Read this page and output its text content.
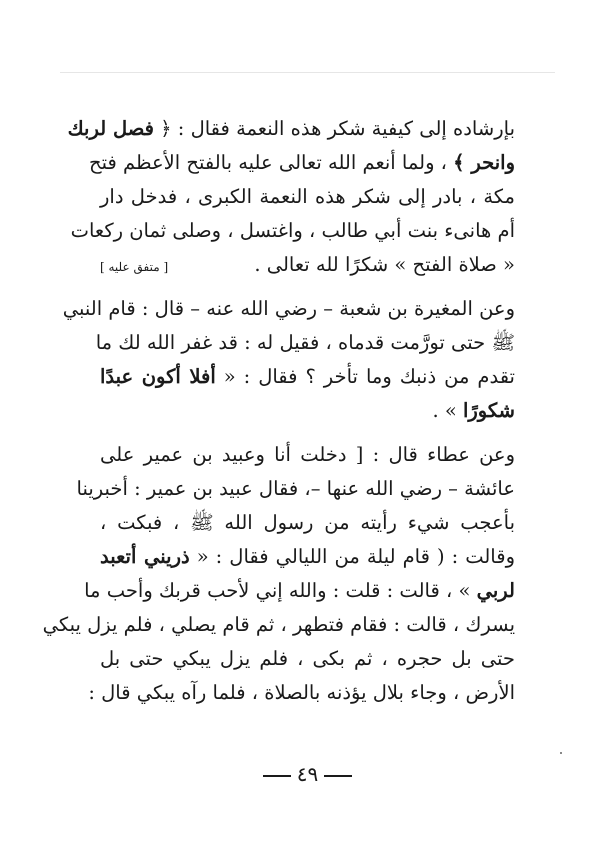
بإرشاده إلى كيفية شكر هذه النعمة فقال : ﴿ فصل لربك
وانحر ﴾ ، ولما أنعم الله تعالى عليه بالفتح الأعظم فتح
مكة ، بادر إلى شكر هذه النعمة الكبرى ، فدخل دار
أم هانىء بنت أبي طالب ، واغتسل ، وصلى ثمان ركعات
« صلاة الفتح » شكرًا لله تعالى .
[ متفق عليه ]

وعن المغيرة بن شعبة – رضي الله عنه – قال : قام النبي
ﷺ حتى تورَّمت قدماه ، فقيل له : قد غفر الله لك ما
تقدم من ذنبك وما تأخر ؟ فقال : « أفلا أكون عبدًا
شكورًا » .

وعن عطاء قال : [ دخلت أنا وعبيد بن عمير على
عائشة – رضي الله عنها –، فقال عبيد بن عمير : أخبرينا
بأعجب شيء رأيته من رسول الله ﷺ ، فبكت ،
وقالت : ( قام ليلة من الليالي فقال : « ذريني أتعبد
لربي » ، قالت : قلت : والله إني لأحب قربك وأحب ما
يسرك ، قالت : فقام فتطهر ، ثم قام يصلي ، فلم يزل يبكي
حتى بل حجره ، ثم بكى ، فلم يزل يبكي حتى بل
الأرض ، وجاء بلال يؤذنه بالصلاة ، فلما رآه يبكي قال :

٤٩
